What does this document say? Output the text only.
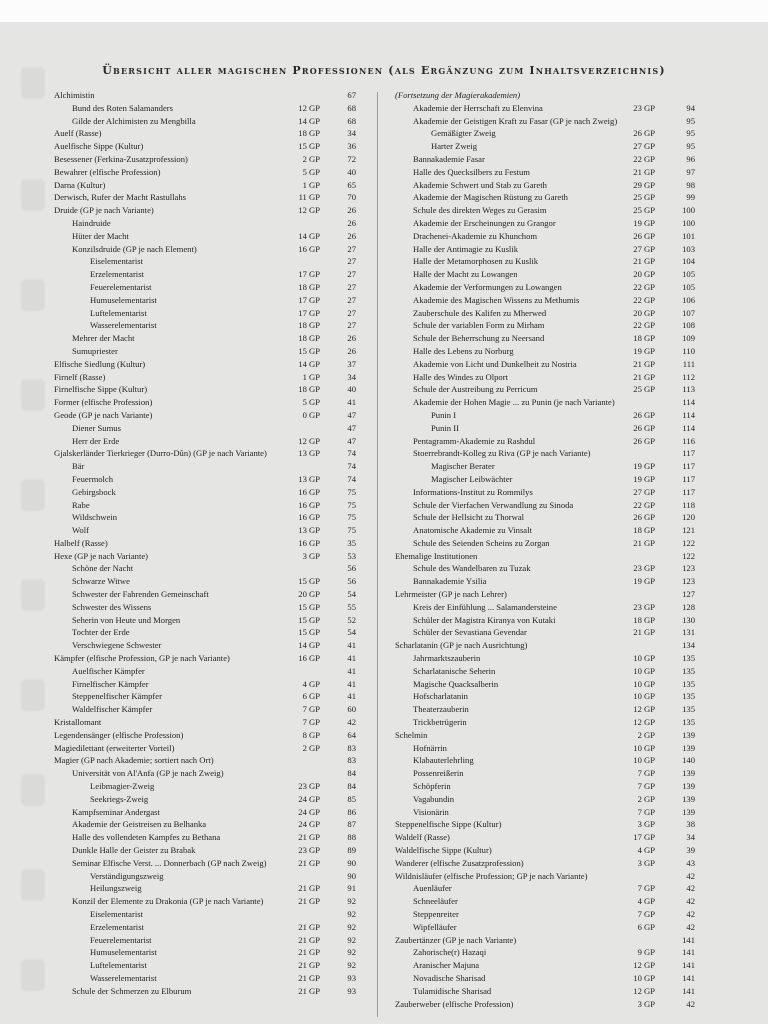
Übersicht aller magischen Professionen (als Ergänzung zum Inhaltsverzeichnis)
Alchimistin	67
Bund des Roten Salamanders	12 GP	68
Gilde der Alchimisten zu Mengbilla	14 GP	68
Auelf (Rasse)	18 GP	34
Auelfische Sippe (Kultur)	15 GP	36
Besessener (Ferkina-Zusatzprofession)	2 GP	72
Bewahrer (elfische Profession)	5 GP	40
Darna (Kultur)	1 GP	65
Derwisch, Rufer der Macht Rastullahs	11 GP	70
Druide (GP je nach Variante)	12 GP	26
Haindruide	26
Hüter der Macht	14 GP	26
Konzilsdruide (GP je nach Element)	16 GP	27
Eiselementarist	27
Erzelementarist	17 GP	27
Feuerelementarist	18 GP	27
Humuselementarist	17 GP	27
Luftelementarist	17 GP	27
Wasserelementarist	18 GP	27
Mehrer der Macht	18 GP	26
Sumupriester	15 GP	26
Elfische Siedlung (Kultur)	14 GP	37
Firnelf (Rasse)	1 GP	34
Firnelfische Sippe (Kultur)	18 GP	40
Former (elfische Profession)	5 GP	41
Geode (GP je nach Variante)	0 GP	47
Diener Sumus	47
Herr der Erde	12 GP	47
Gjalskerländer Tierkrieger (Durro-Dûn) (GP je nach Variante)	13 GP	74
Bär	74
Feuermolch	13 GP	74
Gebirgsbock	16 GP	75
Rabe	16 GP	75
Wildschwein	16 GP	75
Wolf	13 GP	75
Halbelf (Rasse)	16 GP	35
Hexe (GP je nach Variante)	3 GP	53
Schöne der Nacht	56
Schwarze Witwe	15 GP	56
Schwester der Fahrenden Gemeinschaft	20 GP	54
Schwester des Wissens	15 GP	55
Seherin von Heute und Morgen	15 GP	52
Tochter der Erde	15 GP	54
Verschwiegene Schwester	14 GP	41
Kämpfer (elfische Profession, GP je nach Variante)	16 GP	41
Auelfischer Kämpfer	41
Firnelfischer Kämpfer	4 GP	41
Steppenelfischer Kämpfer	6 GP	41
Waldelfischer Kämpfer	7 GP	60
Kristallomant	7 GP	42
Legendensänger (elfische Profession)	8 GP	64
Magiedilettant (erweiterter Vorteil)	2 GP	83
Magier (GP nach Akademie; sortiert nach Ort)	83
Universität von Al'Anfa (GP je nach Zweig)	84
Leibmagier-Zweig	23 GP	84
Seekriegs-Zweig	24 GP	85
Kampfseminar Andergast	24 GP	86
Akademie der Geistreisen zu Belhanka	24 GP	87
Halle des vollendeten Kampfes zu Bethana	21 GP	88
Dunkle Halle der Geister zu Brabak	23 GP	89
Seminar Elfische Verst. ... Donnerbach (GP nach Zweig)	21 GP	90
Verständigungszweig	90
Heilungszweig	21 GP	91
Konzil der Elemente zu Drakonia (GP je nach Variante)	21 GP	92
Eiselementarist	92
Erzelementarist	21 GP	92
Feuerelementarist	21 GP	92
Humuselementarist	21 GP	92
Luftelementarist	21 GP	92
Wasserelementarist	21 GP	93
Schule der Schmerzen zu Elburum	21 GP	93
(Fortsetzung der Magierakademien)
Akademie der Herrschaft zu Elenvina	23 GP	94
Akademie der Geistigen Kraft zu Fasar (GP je nach Zweig)	95
Gemäßigter Zweig	26 GP	95
Harter Zweig	27 GP	95
Bannakademie Fasar	22 GP	96
Halle des Quecksilbers zu Festum	21 GP	97
Akademie Schwert und Stab zu Gareth	29 GP	98
Akademie der Magischen Rüstung zu Gareth	25 GP	99
Schule des direkten Weges zu Gerasim	25 GP	100
Akademie der Erscheinungen zu Grangor	19 GP	100
Drachenei-Akademie zu Khunchom	26 GP	101
Halle der Antimagie zu Kuslik	27 GP	103
Halle der Metamorphosen zu Kuslik	21 GP	104
Halle der Macht zu Lowangen	20 GP	105
Akademie der Verformungen zu Lowangen	22 GP	105
Akademie des Magischen Wissens zu Methumis	22 GP	106
Zauberschule des Kalifen zu Mherwed	20 GP	107
Schule der variablen Form zu Mirham	22 GP	108
Schule der Beherrschung zu Neersand	18 GP	109
Halle des Lebens zu Norburg	19 GP	110
Akademie von Licht und Dunkelheit zu Nostria	21 GP	111
Halle des Windes zu Olport	21 GP	112
Schule der Austreibung zu Perricum	25 GP	113
Akademie der Hohen Magie ... zu Punin (je nach Variante)	114
Punin I	26 GP	114
Punin II	26 GP	114
Pentagramm-Akademie zu Rashdul	26 GP	116
Stoerrebrandt-Kolleg zu Riva (GP je nach Variante)	117
Magischer Berater	19 GP	117
Magischer Leibwächter	19 GP	117
Informations-Institut zu Rommilys	27 GP	117
Schule der Vierfachen Verwandlung zu Sinoda	22 GP	118
Schule der Hellsicht zu Thorwal	26 GP	120
Anatomische Akademie zu Vinsalt	18 GP	121
Schule des Seienden Scheins zu Zorgan	21 GP	122
Ehemalige Institutionen	122
Schule des Wandelbaren zu Tuzak	23 GP	123
Bannakademie Ysilia	19 GP	123
Lehrmeister (GP je nach Lehrer)	127
Kreis der Einfühlung ... Salamandersteine	23 GP	128
Schüler der Magistra Kiranya von Kutaki	18 GP	130
Schüler der Sevastiana Gevendar	21 GP	131
Scharlatanin (GP je nach Ausrichtung)	134
Jahrmarktszauberin	10 GP	135
Scharlatanische Seherin	10 GP	135
Magische Quacksalberin	10 GP	135
Hofscharlatanin	10 GP	135
Theaterzauberin	12 GP	135
Trickbetrügerin	12 GP	135
Schelmin	2 GP	139
Hofnärrin	10 GP	139
Klabauterlehrling	10 GP	140
Possenreißerin	7 GP	139
Schöpferin	7 GP	139
Vagabundin	2 GP	139
Visionärin	7 GP	139
Steppenelfische Sippe (Kultur)	3 GP	38
Waldelf (Rasse)	17 GP	34
Waldelfische Sippe (Kultur)	4 GP	39
Wanderer (elfische Zusatzprofession)	3 GP	43
Wildnisläufer (elfische Profession; GP je nach Variante)	42
Auenläufer	7 GP	42
Schneeläufer	4 GP	42
Steppenreiter	7 GP	42
Wipfelläufer	6 GP	42
Zaubertänzer (GP je nach Variante)	141
Zahorische(r) Hazaqi	9 GP	141
Aranischer Majuna	12 GP	141
Novadische Sharisad	10 GP	141
Tulamidische Sharisad	12 GP	141
Zauberweber (elfische Profession)	3 GP	42
